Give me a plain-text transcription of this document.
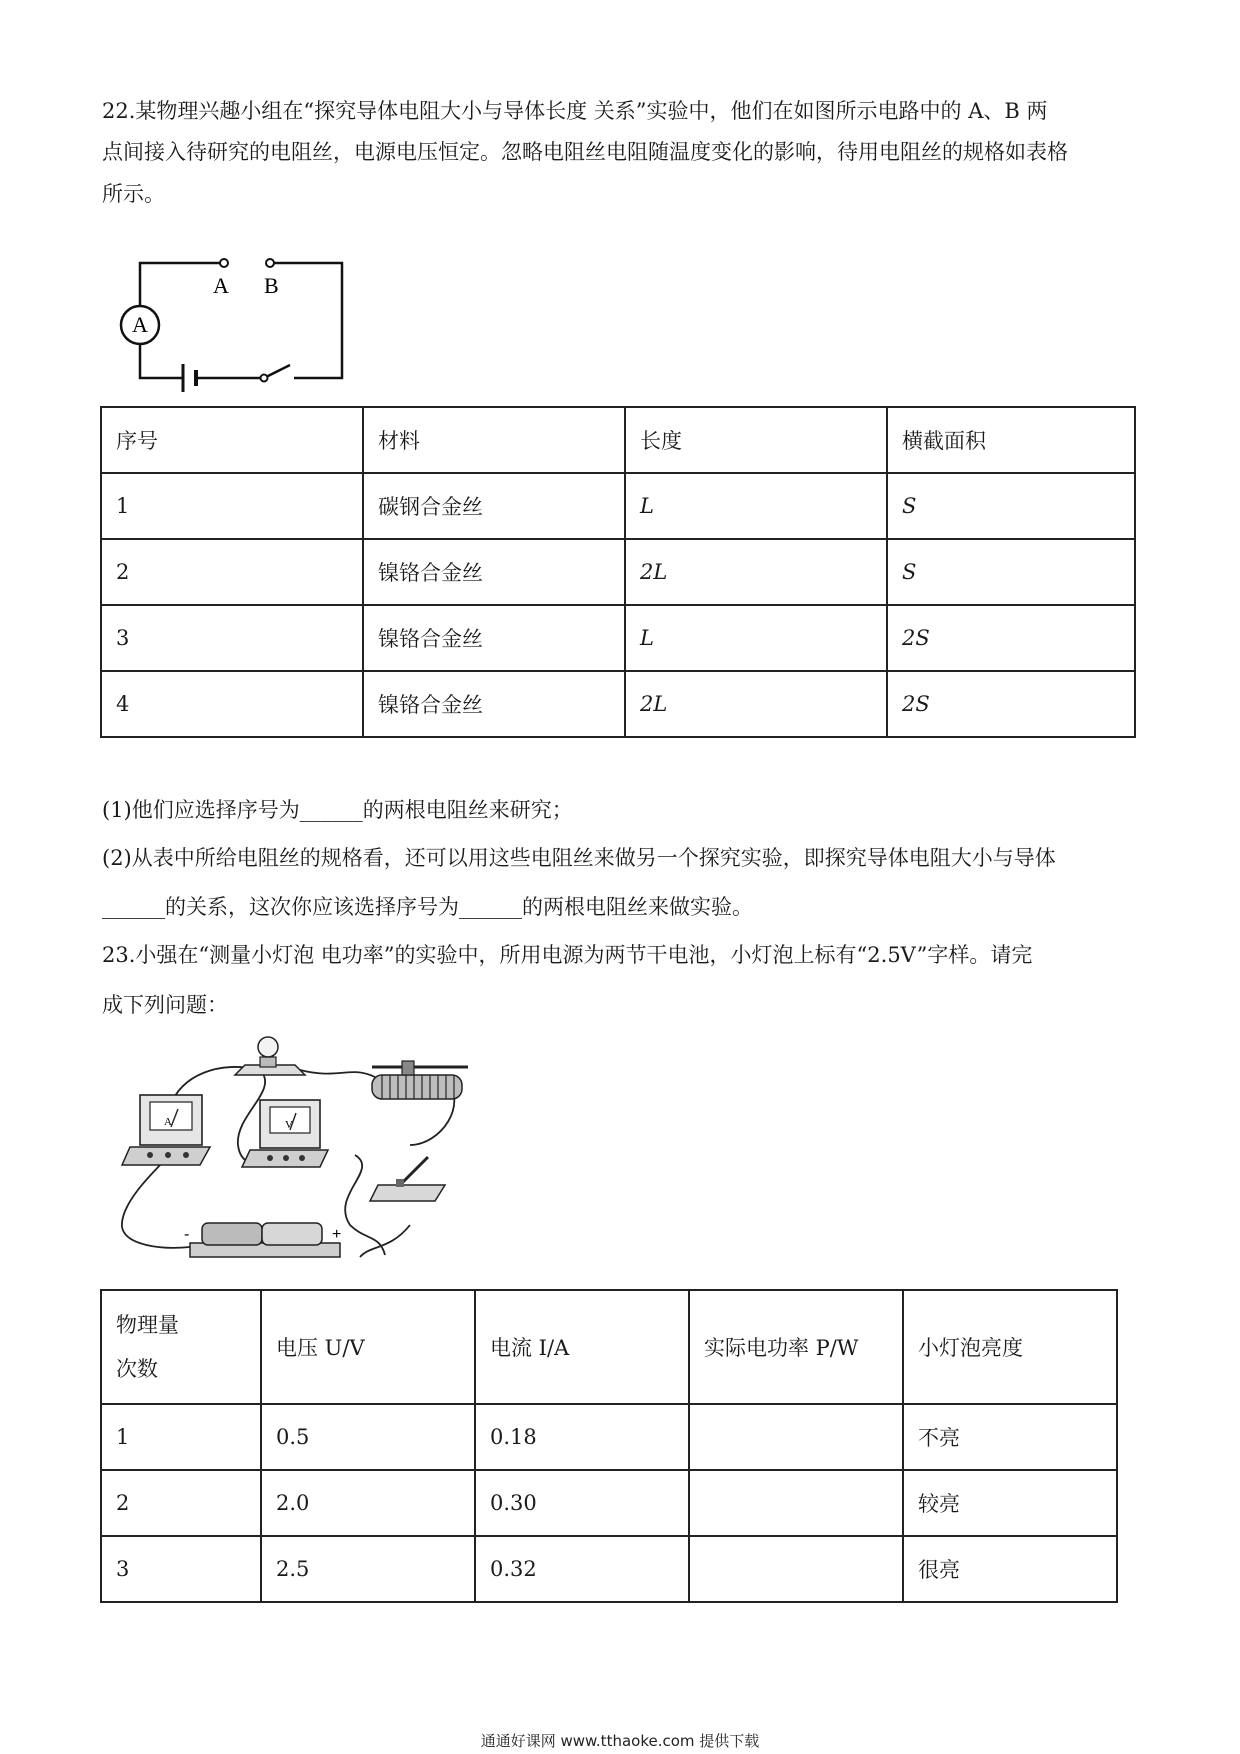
22.某物理兴趣小组在“探究导体电阻大小与导体长度 关系”实验中，他们在如图所示电路中的 A、B 两
点间接入待研究的电阻丝，电源电压恒定。忽略电阻丝电阻随温度变化的影响，待用电阻丝的规格如表格
所示。
A
A B
序号	材料	长度	横截面积
1	碳钢合金丝	L	S
2	镍铬合金丝	2L	S
3	镍铬合金丝	L	2S
4	镍铬合金丝	2L	2S
(1)他们应选择序号为______的两根电阻丝来研究；
(2)从表中所给电阻丝的规格看，还可以用这些电阻丝来做另一个探究实验，即探究导体电阻大小与导体
______的关系，这次你应该选择序号为______的两根电阻丝来做实验。
23.小强在“测量小灯泡 电功率”的实验中，所用电源为两节干电池，小灯泡上标有“2.5V”字样。请完
成下列问题：
A	V
-	+
物理量
次数	电压 U/V	电流 I/A	实际电功率 P/W	小灯泡亮度
1	0.5	0.18		不亮
2	2.0	0.30		较亮
3	2.5	0.32		很亮
通通好课网 www.tthaoke.com 提供下载
